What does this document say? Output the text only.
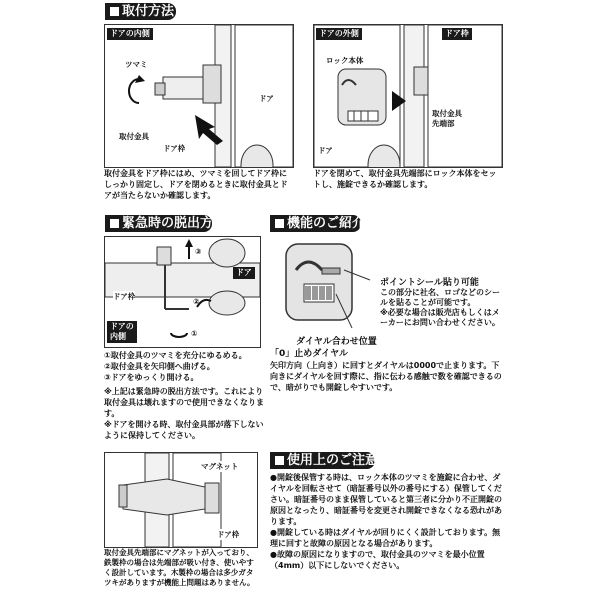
取付方法
ドアの内側
ツマミ
取付金具
ドア枠
ドア
取付金具をドア枠にはめ、ツマミを回してドア枠にしっかり固定し、ドアを閉めるときに取付金具とドアが当たらないか確認します。
ドアの外側
ロック本体
ドア枠
取付金具
先端部
ドア
ドアを閉めて、取付金具先端部にロック本体をセットし、施錠できるか確認します。
緊急時の脱出方法
③
②
①
ドア
ドア枠
ドアの
内側

①取付金具のツマミを充分にゆるめる。

②取付金具を矢印側へ曲げる。

③ドアをゆっくり開ける。

※上記は緊急時の脱出方法です。これにより取付金具は壊れますので使用できなくなります。

※ドアを開ける時、取付金具部が落下しないように保持してください。

機能のご紹介

ポイントシール貼り可能

この部分に社名、ロゴなどのシールを貼ることが可能です。

※必要な場合は販売店もしくはメーカーにお問い合わせください。

ダイヤル合わせ位置

「0」止めダイヤル

矢印方向（上向き）に回すとダイヤルは0000で止まります。下向きにダイヤルを回す際に、指に伝わる感触で数を確認できるので、暗がりでも開錠しやすいです。

マグネット
ドア枠
取付金具先端部にマグネットが入っており、鉄製枠の場合は先端部が吸い付き、使いやすく設計しています。木製枠の場合は多少ガタツキがありますが機能上問題はありません。
使用上のご注意

●開錠後保管する時は、ロック本体のツマミを施錠に合わせ、ダイヤルを回転させて（暗証番号以外の番号にする）保管してください。暗証番号のまま保管していると第三者に分かり不正開錠の原因となったり、暗証番号を変更され開錠できなくなる恐れがあります。

●開錠している時はダイヤルが回りにくく設計しております。無理に回すと故障の原因となる場合があります。

●故障の原因になりますので、取付金具のツマミを最小位置（4mm）以下にしないでください。
